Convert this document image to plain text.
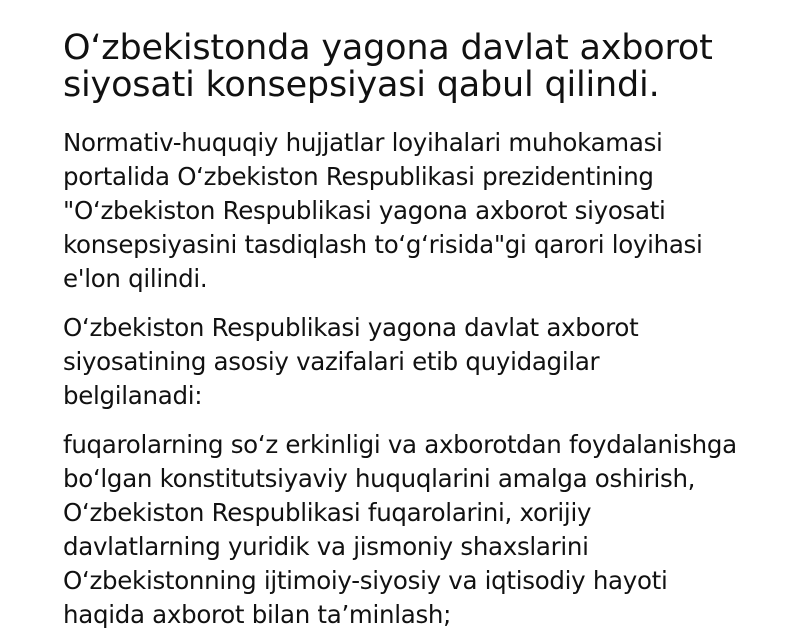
O‘zbekistonda yagona davlat axborot siyosati konsepsiyasi qabul qilindi.

Normativ-huquqiy hujjatlar loyihalari muhokamasi portalida O‘zbekiston Respublikasi prezidentining "O‘zbekiston Respublikasi yagona axborot siyosati konsepsiyasini tasdiqlash to‘g‘risida"gi qarori loyihasi e'lon qilindi.

O‘zbekiston Respublikasi yagona davlat axborot siyosatining asosiy vazifalari etib quyidagilar belgilanadi:

fuqarolarning so‘z erkinligi va axborotdan foydalanishga bo‘lgan konstitutsiyaviy huquqlarini amalga oshirish, O‘zbekiston Respublikasi fuqarolarini, xorijiy davlatlarning yuridik va jismoniy shaxslarini O‘zbekistonning ijtimoiy-siyosiy va iqtisodiy hayoti haqida axborot bilan ta’minlash;
